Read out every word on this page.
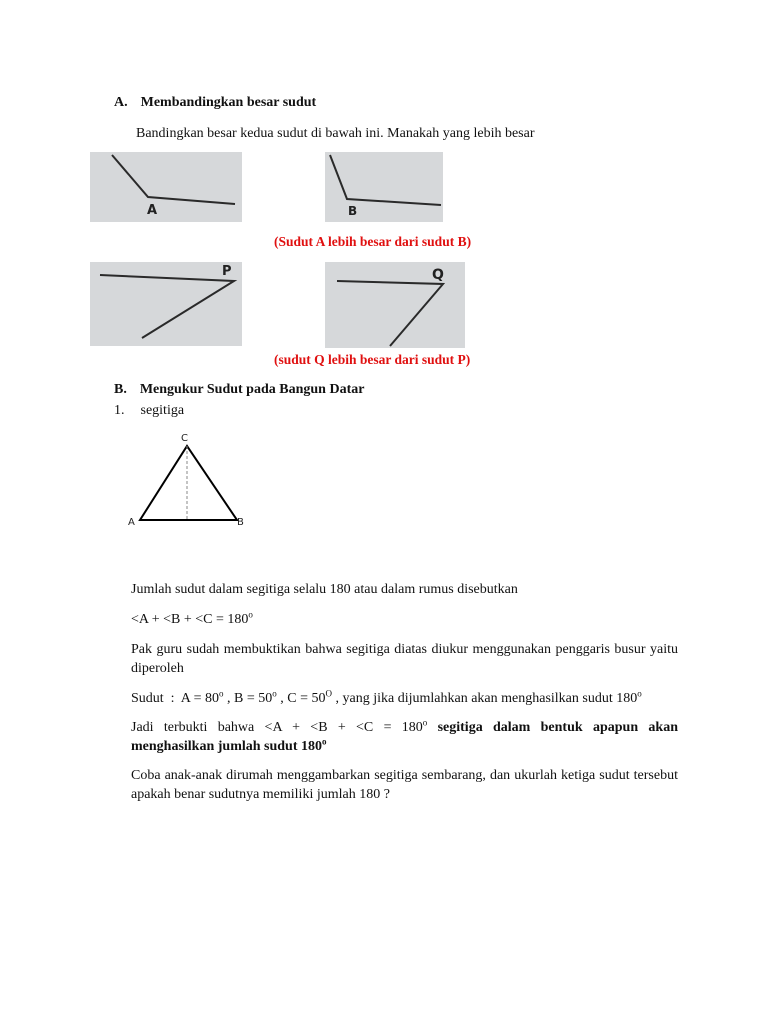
A. Membandingkan besar sudut
Bandingkan besar kedua sudut di bawah ini. Manakah yang lebih besar
A	B
(Sudut A lebih besar dari sudut B)
P	Q
(sudut Q lebih besar dari sudut P)
B. Mengukur Sudut pada Bangun Datar
1. segitiga
C
A	B
Jumlah sudut dalam segitiga selalu 180 atau dalam rumus disebutkan
$<A + <B + <C = 180^o$
Pak guru sudah membuktikan bahwa segitiga diatas diukur menggunakan penggaris busur yaitu diperoleh
Sudut  :  $A = 80^o$ , $B = 50^o$ , $C = 50^O$ , yang jika dijumlahkan akan menghasilkan sudut 180$^o$
Jadi terbukti bahwa $<A + <B + <C = 180^o$ segitiga dalam bentuk apapun akan
menghasilkan jumlah sudut 180$^o$
Coba anak-anak dirumah menggambarkan segitiga sembarang, dan ukurlah ketiga sudut tersebut apakah benar sudutnya memiliki jumlah 180 ?
